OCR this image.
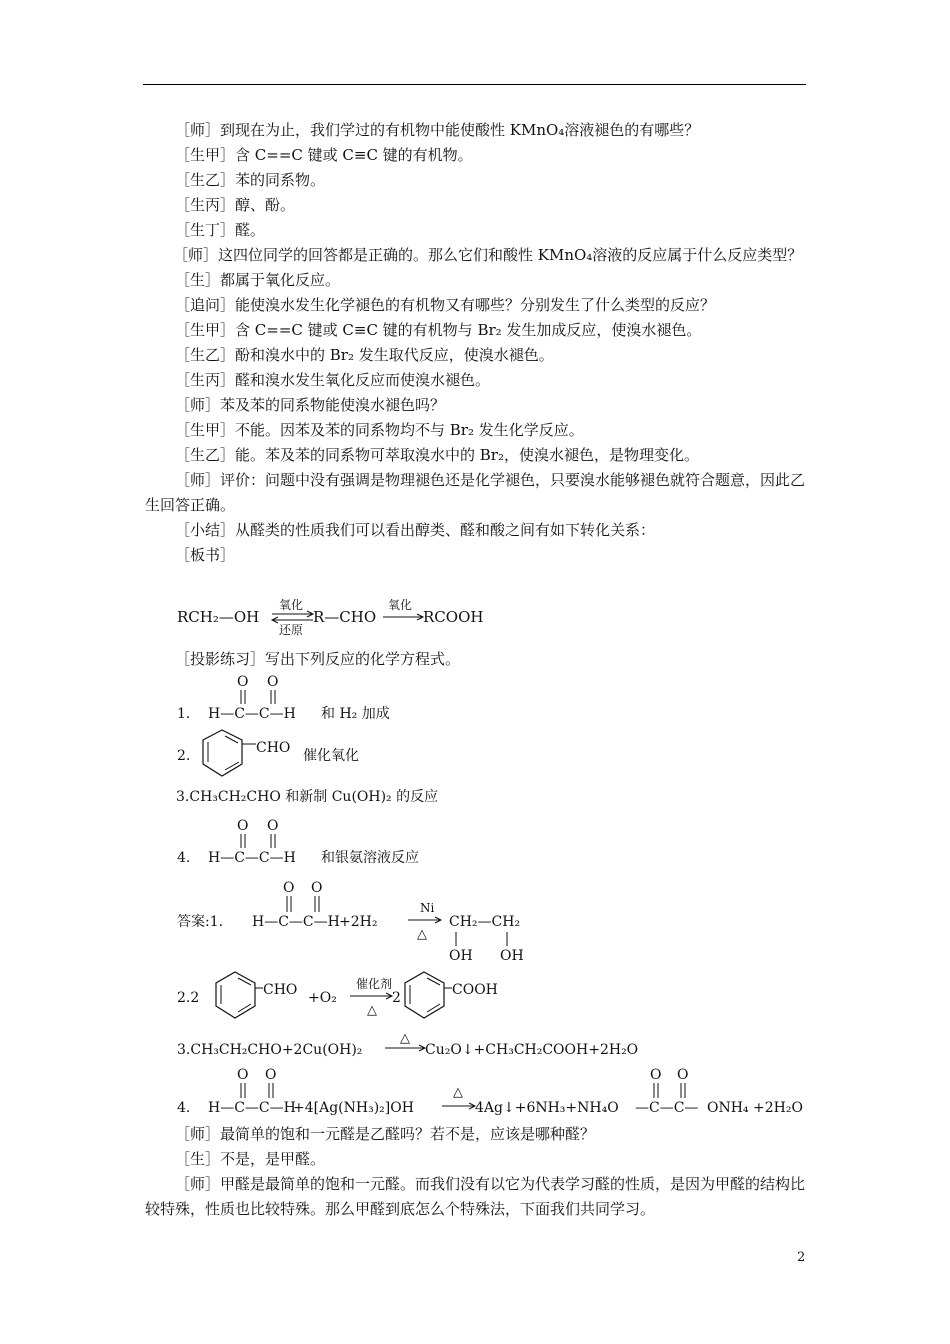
［师］到现在为止，我们学过的有机物中能使酸性 KMnO₄溶液褪色的有哪些？

［生甲］含 C==C 键或 C≡C 键的有机物。

［生乙］苯的同系物。

［生丙］醇、酚。

［生丁］醛。

［师］这四位同学的回答都是正确的。那么它们和酸性 KMnO₄溶液的反应属于什么反应类型？

［生］都属于氧化反应。

［追问］能使溴水发生化学褪色的有机物又有哪些？分别发生了什么类型的反应？

［生甲］含 C==C 键或 C≡C 键的有机物与 Br₂ 发生加成反应，使溴水褪色。

［生乙］酚和溴水中的 Br₂ 发生取代反应，使溴水褪色。

［生丙］醛和溴水发生氧化反应而使溴水褪色。

［师］苯及苯的同系物能使溴水褪色吗？

［生甲］不能。因苯及苯的同系物均不与 Br₂ 发生化学反应。

［生乙］能。苯及苯的同系物可萃取溴水中的 Br₂，使溴水褪色，是物理变化。

［师］评价：问题中没有强调是物理褪色还是化学褪色，只要溴水能够褪色就符合题意，因此乙生回答正确。

［小结］从醛类的性质我们可以看出醇类、醛和酸之间有如下转化关系：

［板书］

RCH₂—OH
氧化
还原
R—CHO
氧化
RCOOH
［投影练习］写出下列反应的化学方程式。
1.
O O
H—C—C—H 和 H₂ 加成
2.	CHO 催化氧化
3.CH₃CH₂CHO 和新制 Cu(OH)₂ 的反应
4.
O O
H—C—C—H 和银氨溶液反应
答案:1.
O O
H—C—C—H +2H₂
Ni
△
CH₂—CH₂
OH OH
2.2	CHO +O₂
催化剂
△
2	COOH
3.CH₃CH₂CHO+2Cu(OH)₂
△
Cu₂O↓+CH₃CH₂COOH+2H₂O
4.
O O
H—C—C—H
+4[Ag(NH₃)₂]OH
△
4Ag↓+6NH₃+NH₄O
O O
—C—C— ONH₄ +2H₂O

［师］最简单的饱和一元醛是乙醛吗？若不是，应该是哪种醛？

［生］不是，是甲醛。

［师］甲醛是最简单的饱和一元醛。而我们没有以它为代表学习醛的性质，是因为甲醛的结构比较特殊，性质也比较特殊。那么甲醛到底怎么个特殊法，下面我们共同学习。

2
